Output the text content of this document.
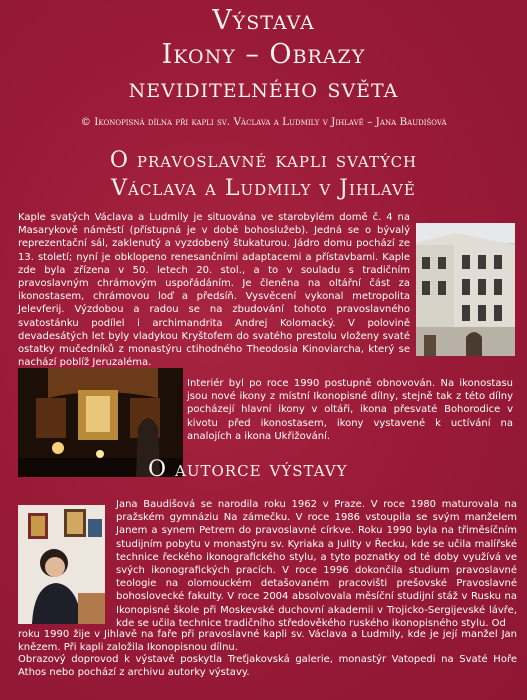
Výstava
Ikony – Obrazy
neviditelného světa
© Ikonopisná dílna při kapli sv. Václava a Ludmily v Jihlavě – Jana Baudišová
O pravoslavné kapli svatých
Václava a Ludmily v Jihlavě
Kaple svatých Václava a Ludmily je situována ve starobylém domě č. 4 na Masarykově náměstí (přístupná je v době bohoslužeb). Jedná se o bývalý reprezentační sál, zaklenutý a vyzdobený štukaturou. Jádro domu pochází ze 13. století; nyní je obklopeno renesančními adaptacemi a přístavbami. Kaple zde byla zřízena v 50. letech 20. stol., a to v souladu s tradičním pravoslavným chrámovým uspořádáním. Je členěna na oltářní část za ikonostasem, chrámovou loď a předsíň. Vysvěcení vykonal metropolita Jelevferij. Výzdobou a radou se na zbudování tohoto pravoslavného svatostánku podílel i archimandrita Andrej Kolomacký. V polovině devadesátých let byly vladykou Kryštofem do svatého prestolu vloženy svaté ostatky mučedníků z monastýru ctihodného Theodosia Kinoviarcha, který se nachází poblíž Jeruzaléma.
Interiér byl po roce 1990 postupně obnovován. Na ikonostasu jsou nové ikony z místní Ikonopisné dílny, stejně tak z této dílny pocházejí hlavní ikony v oltáři, ikona přesvaté Bohorodice v kivotu před ikonostasem, ikony vystavené k uctívání na analojích a ikona Ukřižování.
O autorce výstavy
Jana Baudišová se narodila roku 1962 v Praze. V roce 1980 maturovala na pražském gymnáziu Na zámečku. V roce 1986 vstoupila se svým manželem Janem a synem Petrem do pravoslavné církve. Roku 1990 byla na třiměsíčním studijním pobytu v monastýru sv. Kyriaka a Julity v Řecku, kde se učila malířské technice řeckého ikonografického stylu, a tyto poznatky od té doby využívá ve svých ikonografických pracích. V roce 1996 dokončila studium pravoslavné teologie na olomouckém detašovaném pracovišti prešovské Pravoslavné bohoslovecké fakulty. V roce 2004 absolvovala měsíční studijní stáž v Rusku na Ikonopisné škole při Moskevské duchovní akademii v Trojicko-Sergijevské lávře, kde se učila technice tradičního středověkého ruského ikonopisného stylu. Od
roku 1990 žije v Jihlavě na faře při pravoslavné kapli sv. Václava a Ludmily, kde je její manžel Jan knězem. Při kapli založila Ikonopisnou dílnu.
Obrazový doprovod k výstavě poskytla Treťjakovská galerie, monastýr Vatopedi na Svaté Hoře Athos nebo pochází z archivu autorky výstavy.
